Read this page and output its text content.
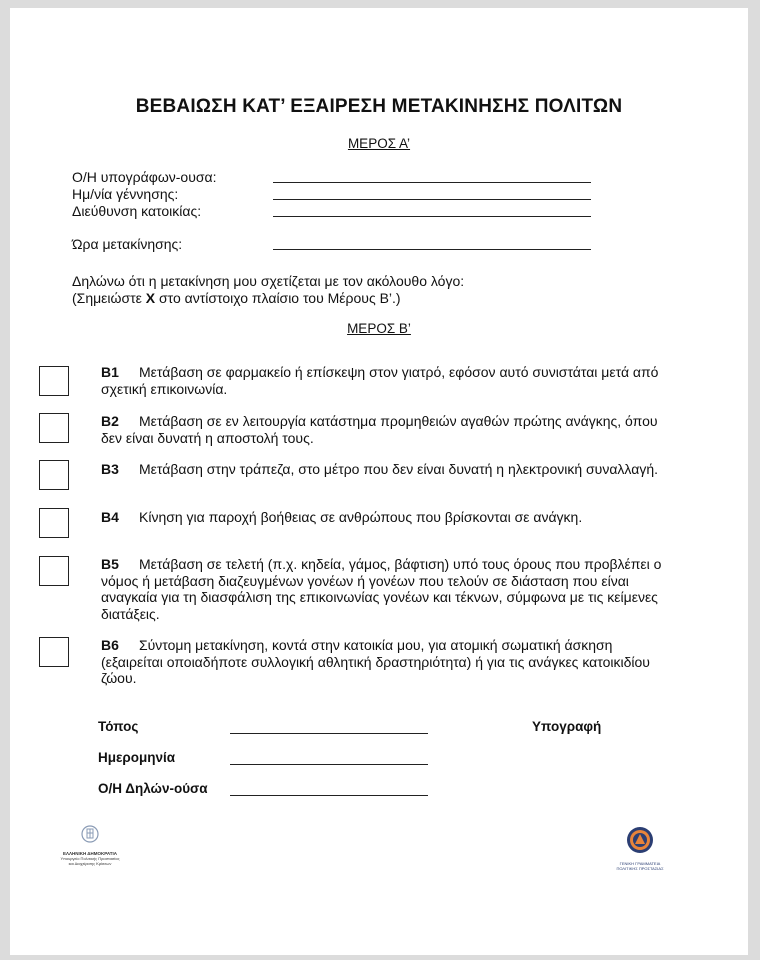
ΒΕΒΑΙΩΣΗ ΚΑΤ’ ΕΞΑΙΡΕΣΗ ΜΕΤΑΚΙΝΗΣΗΣ ΠΟΛΙΤΩΝ
ΜΕΡΟΣ Α’
Ο/Η υπογράφων-ουσα:
Ημ/νία γέννησης:
Διεύθυνση κατοικίας:
Ώρα μετακίνησης:
Δηλώνω ότι η μετακίνηση μου σχετίζεται με τον ακόλουθο λόγο:
(Σημειώστε X στο αντίστοιχο πλαίσιο του Μέρους Β’.)
ΜΕΡΟΣ Β’
B1 Μετάβαση σε φαρμακείο ή επίσκεψη στον γιατρό, εφόσον αυτό συνιστάται μετά από σχετική επικοινωνία.
B2 Μετάβαση σε εν λειτουργία κατάστημα προμηθειών αγαθών πρώτης ανάγκης, όπου δεν είναι δυνατή η αποστολή τους.
B3 Μετάβαση στην τράπεζα, στο μέτρο που δεν είναι δυνατή η ηλεκτρονική συναλλαγή.
B4 Κίνηση για παροχή βοήθειας σε ανθρώπους που βρίσκονται σε ανάγκη.
B5 Μετάβαση σε τελετή (π.χ. κηδεία, γάμος, βάφτιση) υπό τους όρους που προβλέπει ο νόμος ή μετάβαση διαζευγμένων γονέων ή γονέων που τελούν σε διάσταση που είναι αναγκαία για τη διασφάλιση της επικοινωνίας γονέων και τέκνων, σύμφωνα με τις κείμενες διατάξεις.
B6 Σύντομη μετακίνηση, κοντά στην κατοικία μου, για ατομική σωματική άσκηση (εξαιρείται οποιαδήποτε συλλογική αθλητική δραστηριότητα) ή για τις ανάγκες κατοικιδίου ζώου.
Τόπος
Ημερομηνία
Ο/Η Δηλών-ούσα
Υπογραφή
ΕΛΛΗΝΙΚΗ ΔΗΜΟΚΡΑΤΙΑ
Υπουργείο Πολιτικής Προστασίας
και Διαχείρισης Κρίσεων	ΓΕΝΙΚΗ ΓΡΑΜΜΑΤΕΙΑ
ΠΟΛΙΤΙΚΗΣ ΠΡΟΣΤΑΣΙΑΣ
